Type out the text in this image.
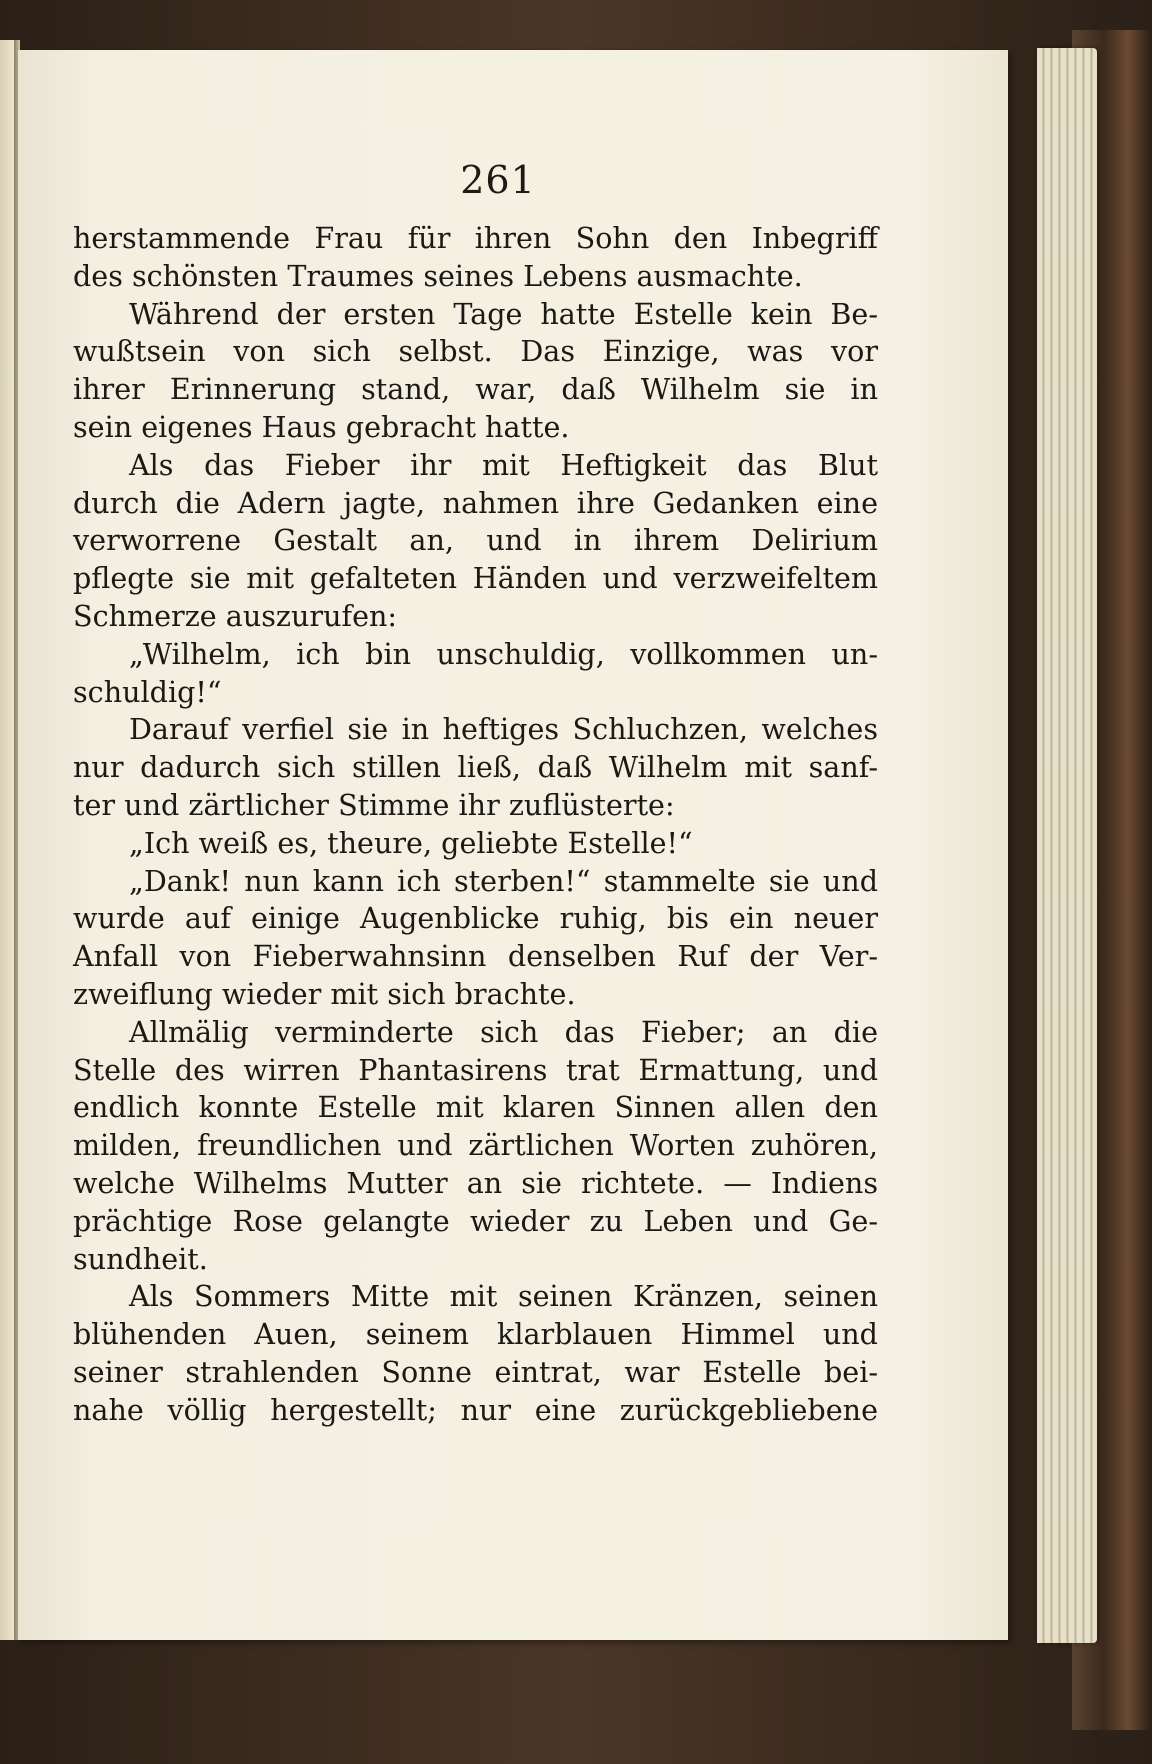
261
herstammende Frau für ihren Sohn den Inbegriff
des schönsten Traumes seines Lebens ausmachte.
Während der ersten Tage hatte Estelle kein Be-
wußtsein von sich selbst. Das Einzige, was vor
ihrer Erinnerung stand, war, daß Wilhelm sie in
sein eigenes Haus gebracht hatte.
Als das Fieber ihr mit Heftigkeit das Blut
durch die Adern jagte, nahmen ihre Gedanken eine
verworrene Gestalt an, und in ihrem Delirium
pflegte sie mit gefalteten Händen und verzweifeltem
Schmerze auszurufen:
„Wilhelm, ich bin unschuldig, vollkommen un-
schuldig!“
Darauf verfiel sie in heftiges Schluchzen, welches
nur dadurch sich stillen ließ, daß Wilhelm mit sanf-
ter und zärtlicher Stimme ihr zuflüsterte:
„Ich weiß es, theure, geliebte Estelle!“
„Dank! nun kann ich sterben!“ stammelte sie und
wurde auf einige Augenblicke ruhig, bis ein neuer
Anfall von Fieberwahnsinn denselben Ruf der Ver-
zweiflung wieder mit sich brachte.
Allmälig verminderte sich das Fieber; an die
Stelle des wirren Phantasirens trat Ermattung, und
endlich konnte Estelle mit klaren Sinnen allen den
milden, freundlichen und zärtlichen Worten zuhören,
welche Wilhelms Mutter an sie richtete. — Indiens
prächtige Rose gelangte wieder zu Leben und Ge-
sundheit.
Als Sommers Mitte mit seinen Kränzen, seinen
blühenden Auen, seinem klarblauen Himmel und
seiner strahlenden Sonne eintrat, war Estelle bei-
nahe völlig hergestellt; nur eine zurückgebliebene
